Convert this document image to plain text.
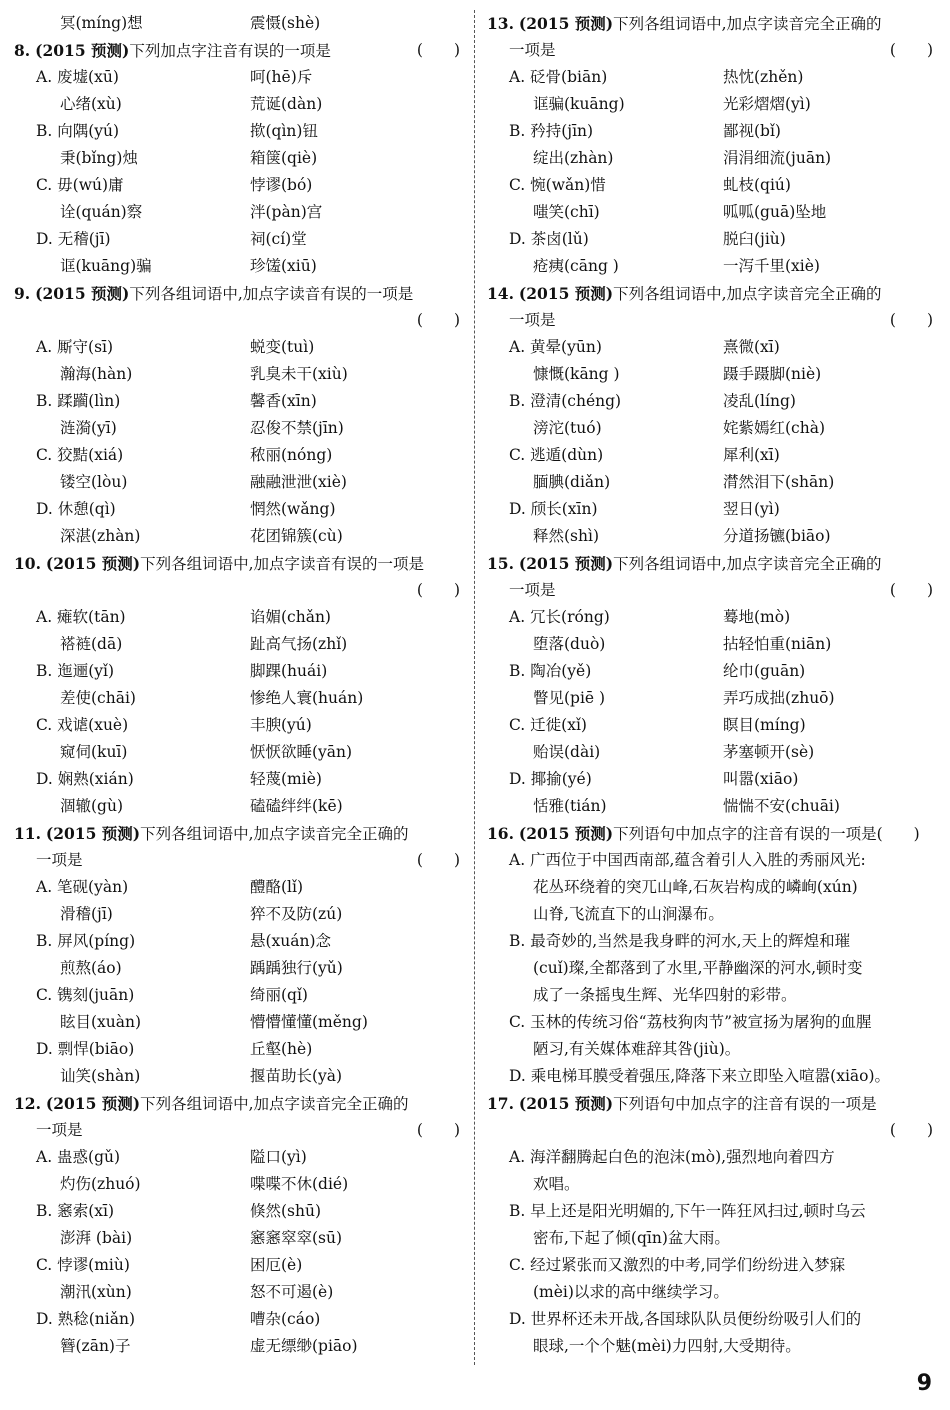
冥(míng)想	震慑(shè)
8. (2015 预测)下列加点字注音有误的一项是	(　　)
A. 废墟(xū)	呵(hē)斥
心绪(xù)	荒诞(dàn)
B. 向隅(yú)	揿(qìn)钮
秉(bǐng)烛	箱箧(qiè)
C. 毋(wú)庸	悖谬(bó)
诠(quán)察	泮(pàn)宫
D. 无稽(jī)	祠(cí)堂
诓(kuāng)骗	珍馐(xiū)
9. (2015 预测)下列各组词语中,加点字读音有误的一项是
(　　)
A. 厮守(sī)	蜕变(tuì)
瀚海(hàn)	乳臭未干(xiù)
B. 蹂躏(lìn)	馨香(xīn)
涟漪(yī)	忍俊不禁(jīn)
C. 狡黠(xiá)	秾丽(nóng)
镂空(lòu)	融融泄泄(xiè)
D. 休憩(qì)	惘然(wǎng)
深湛(zhàn)	花团锦簇(cù)
10. (2015 预测)下列各组词语中,加点字读音有误的一项是
(　　)
A. 瘫软(tān)	谄媚(chǎn)
褡裢(dā)	趾高气扬(zhǐ)
B. 迤逦(yǐ)	脚踝(huái)
差使(chāi)	惨绝人寰(huán)
C. 戏谑(xuè)	丰腴(yú)
窥伺(kuī)	恹恹欲睡(yān)
D. 娴熟(xián)	轻蔑(miè)
涸辙(gù)	磕磕绊绊(kē)
11. (2015 预测)下列各组词语中,加点字读音完全正确的
一项是	(　　)
A. 笔砚(yàn)	醴酪(lǐ)
滑稽(jī)	猝不及防(zú)
B. 屏风(píng)	悬(xuán)念
煎熬(áo)	踽踽独行(yǔ)
C. 镌刻(juān)	绮丽(qǐ)
眩目(xuàn)	懵懵懂懂(měng)
D. 剽悍(biāo)	丘壑(hè)
讪笑(shàn)	揠苗助长(yà)
12. (2015 预测)下列各组词语中,加点字读音完全正确的
一项是	(　　)
A. 蛊惑(gǔ)	隘口(yì)
灼伤(zhuó)	喋喋不休(dié)
B. 窸索(xī)	倏然(shū)
澎湃 (bài)	窸窸窣窣(sū)
C. 悖谬(miù)	困厄(è)
潮汛(xùn)	怒不可遏(è)
D. 熟稔(niǎn)	嘈杂(cáo)
簪(zān)子	虚无缥缈(piāo)
13. (2015 预测)下列各组词语中,加点字读音完全正确的
一项是	(　　)
A. 砭骨(biān)	热忱(zhěn)
诓骗(kuāng)	光彩熠熠(yì)
B. 矜持(jīn)	鄙视(bǐ)
绽出(zhàn)	涓涓细流(juān)
C. 惋(wǎn)惜	虬枝(qiú)
嗤笑(chī)	呱呱(guā)坠地
D. 茶卤(lǔ)	脱臼(jiù)
疮痍(cāng )	一泻千里(xiè)
14. (2015 预测)下列各组词语中,加点字读音完全正确的
一项是	(　　)
A. 黄晕(yūn)	熹微(xī)
慷慨(kāng )	蹑手蹑脚(niè)
B. 澄清(chéng)	凌乱(líng)
滂沱(tuó)	姹紫嫣红(chà)
C. 逃遁(dùn)	犀利(xī)
腼腆(diǎn)	潸然泪下(shān)
D. 颀长(xīn)	翌日(yì)
释然(shì)	分道扬镳(biāo)
15. (2015 预测)下列各组词语中,加点字读音完全正确的
一项是	(　　)
A. 冗长(róng)	蓦地(mò)
堕落(duò)	拈轻怕重(niān)
B. 陶冶(yě)	纶巾(guān)
瞥见(piē )	弄巧成拙(zhuō)
C. 迁徙(xǐ)	瞑目(míng)
贻误(dài)	茅塞顿开(sè)
D. 揶揄(yé)	叫嚣(xiāo)
恬雅(tián)	惴惴不安(chuāi)
16. (2015 预测)下列语句中加点字的注音有误的一项是(　　)
A. 广西位于中国西南部,蕴含着引人入胜的秀丽风光:
花丛环绕着的突兀山峰,石灰岩构成的嶙峋(xún)
山脊,飞流直下的山涧瀑布。
B. 最奇妙的,当然是我身畔的河水,天上的辉煌和璀
(cuǐ)璨,全都落到了水里,平静幽深的河水,顿时变
成了一条摇曳生辉、光华四射的彩带。
C. 玉林的传统习俗“荔枝狗肉节”被宣扬为屠狗的血腥
陋习,有关媒体难辞其咎(jiù)。
D. 乘电梯耳膜受着强压,降落下来立即坠入喧嚣(xiāo)。
17. (2015 预测)下列语句中加点字的注音有误的一项是
(　　)
A. 海洋翻腾起白色的泡沫(mò),强烈地向着四方
欢唱。
B. 早上还是阳光明媚的,下午一阵狂风扫过,顿时乌云
密布,下起了倾(qīn)盆大雨。
C. 经过紧张而又激烈的中考,同学们纷纷进入梦寐
(mèi)以求的高中继续学习。
D. 世界杯还未开战,各国球队队员便纷纷吸引人们的
眼球,一个个魅(mèi)力四射,大受期待。
9
